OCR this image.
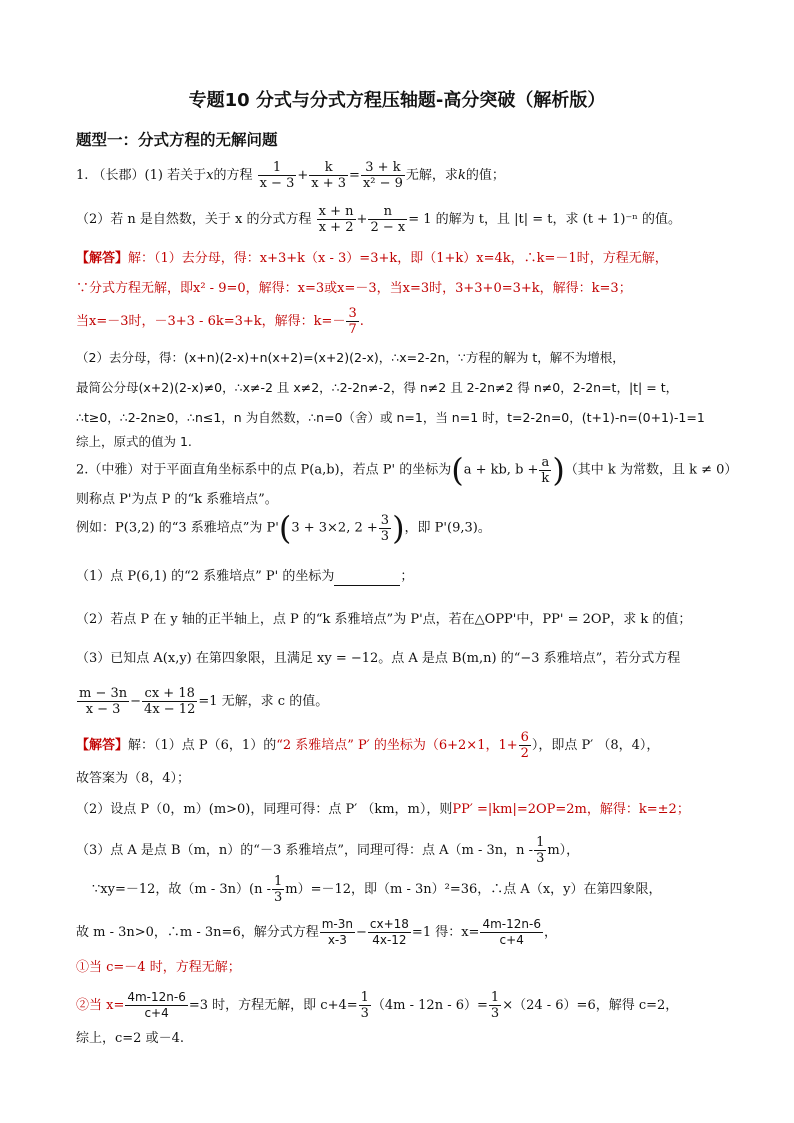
专题10 分式与分式方程压轴题-高分突破（解析版）
题型一：分式方程的无解问题
1. （长郡）(1) 若关于x的方程 $\frac{1}{x - 3} + \frac{k}{x + 3} = \frac{3 + k}{\text{x² − 9}}$ 无解，求k的值；
（2）若 n 是自然数，关于 x 的分式方程 $\frac{x + n}{x + 2} + \frac{n}{2 - x} = 1$ 的解为 t，且 |t| = t，求 (t + 1)⁻ⁿ 的值。
【解答】解：（1）去分母，得：x+3+k（x - 3）=3+k，即（1+k）x=4k，∴k=－1时，方程无解，
∵分式方程无解，即x² - 9=0，解得：x=3或x=－3，当x=3时，3+3+0=3+k，解得：k=3；
当x=－3时，－3+3 - 6k=3+k，解得：$k=- \frac{3}{7}$ .
（2）去分母，得：(x+n)(2-x)+n(x+2)=(x+2)(2-x)，∴x=2-2n，∵方程的解为 t，解不为增根，
最简公分母(x+2)(2-x)≠0，∴x≠-2 且 x≠2，∴2-2n≠-2，得 n≠2 且 2-2n≠2 得 n≠0，2-2n=t，|t| = t，
∴t≥0，∴2-2n≥0，∴n≤1，n 为自然数，∴n=0（舍）或 n=1，当 n=1 时，t=2-2n=0，(t+1)-n=(0+1)-1=1
综上，原式的值为 1.
2.（中雅）对于平面直角坐标系中的点 P(a,b)，若点 P' 的坐标为(a + kb, $b + \frac{a}{k}$ )（其中 k 为常数，且 k ≠ 0）
则称点 P'为点 P 的“k 系雅培点”。
例如：P(3,2) 的“3 系雅培点”为 P'(3 + 3×2, $2 + \frac{3}{3}$ )，即 P'(9,3)。
（1）点 P(6,1) 的“2 系雅培点” P' 的坐标为	；
（2）若点 P 在 y 轴的正半轴上，点 P 的“k 系雅培点”为 P'点，若在△OPP'中，PP' = 2OP，求 k 的值；
（3）已知点 A(x,y) 在第四象限，且满足 xy = −12。点 A 是点 B(m,n) 的“−3 系雅培点”，若分式方程
$\frac{m - 3n}{x - 3} - \frac{cx + 18}{4x - 12} =1$ 无解，求 c 的值。
【解答】解：（1）点 P（6，1）的“2 系雅培点” P′ 的坐标为（6+2×1，$1+ \frac{6}{2}$ ），即点 P′ （8，4），
故答案为（8，4）；
（2）设点 P（0，m）(m>0)，同理可得：点 P′ （km，m），则PP′ =|km|=2OP=2m，解得：k=±2；
（3）点 A 是点 B（m，n）的“－3 系雅培点”，同理可得：点 A（m - 3n，n - $\frac{1}{3} m$），
∵xy=－12，故$(m - 3n)(n - \frac{1}{3} m)=-12$，即（m - 3n）²=36，∴点 A（x，y）在第四象限，
故 m - 3n>0，∴m - 3n=6，解分式方程 $\frac{m-3n}{x-3} - \frac{cx+18}{4x-12} =1$ 得：$x= \frac{4m-12n-6}{c+4}$ ，
①当 c=－4 时，方程无解；
②当 $x= \frac{4m-12n-6}{c+4} =3$ 时，方程无解，即 $c+4= \frac{1}{3} (4m - 12n - 6)= \frac{1}{3} \times(24 - 6)=6$，解得 c=2，
综上，c=2 或－4.
